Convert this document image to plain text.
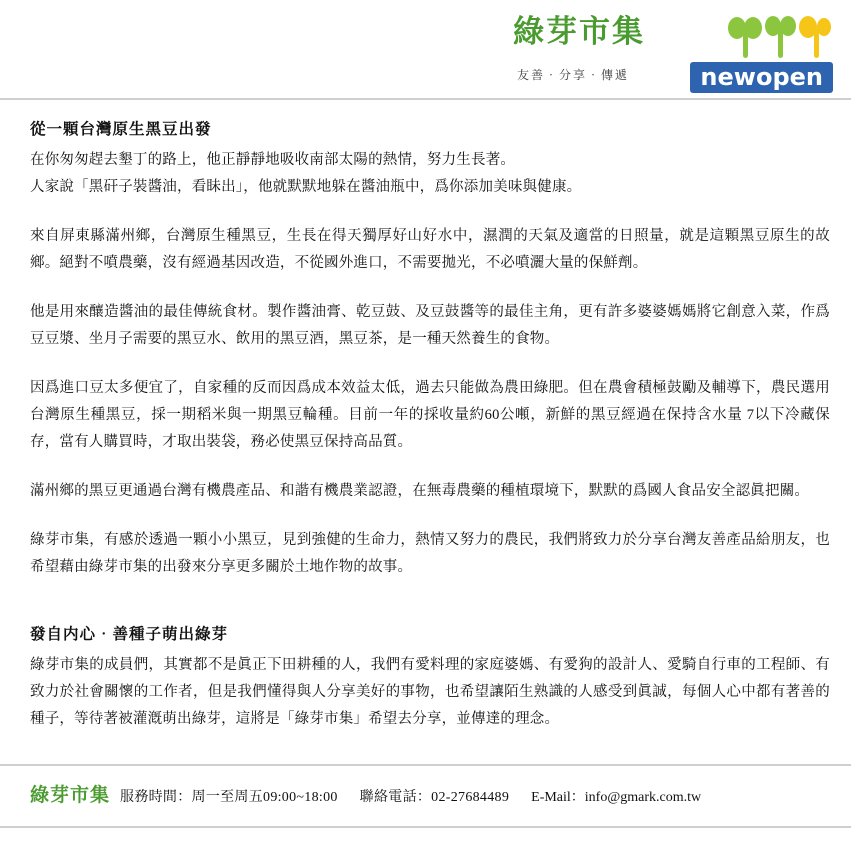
綠芽市集
友善‧分享‧傳遞	newopen
從一顆台灣原生黑豆出發

在你匆匆趕去墾丁的路上，他正靜靜地吸收南部太陽的熱情，努力生長著。

人家說「黑矸子裝醬油，看眛出」，他就默默地躲在醬油瓶中，爲你添加美味與健康。

來自屏東縣滿州鄉，台灣原生種黑豆，生長在得天獨厚好山好水中，濕潤的天氣及適當的日照量，就是這顆黑豆原生的故鄉。絕對不噴農藥，沒有經過基因改造，不從國外進口，不需要拋光，不必噴灑大量的保鮮劑。

他是用來釀造醬油的最佳傳統食材。製作醬油膏、乾豆鼓、及豆鼓醬等的最佳主角，更有許多婆婆媽媽將它創意入菜，作爲豆豆漿、坐月子需要的黑豆水、飲用的黑豆酒，黑豆茶，是一種天然養生的食物。

因爲進口豆太多便宜了，自家種的反而因爲成本效益太低，過去只能做為農田綠肥。但在農會積極鼓勵及輔導下，農民選用台灣原生種黑豆，採一期稻米與一期黑豆輪種。目前一年的採收量約60公噸，新鮮的黑豆經過在保持含水量 7以下冷藏保存，當有人購買時，才取出裝袋，務必使黑豆保持高品質。

滿州鄉的黑豆更通過台灣有機農產品、和諧有機農業認證，在無毒農藥的種植環境下，默默的爲國人食品安全認眞把關。

綠芽市集，有感於透過一顆小小黑豆，見到強健的生命力，熱情又努力的農民，我們將致力於分享台灣友善產品給朋友，也希望藉由綠芽市集的出發來分享更多關於土地作物的故事。

發自内心‧善種子萌出綠芽

綠芽市集的成員們，其實都不是眞正下田耕種的人，我們有愛料理的家庭婆媽、有愛狗的設計人、愛騎自行車的工程師、有致力於社會關懷的工作者，但是我們懂得與人分享美好的事物，也希望讓陌生熟識的人感受到眞誠，每個人心中都有著善的種子，等待著被灌漑萌出綠芽，這將是「綠芽市集」希望去分享，並傳達的理念。

綠芽市集 服務時間：周一至周五09:00~18:00 聯絡電話：02-27684489 E-Mail：info@gmark.com.tw
